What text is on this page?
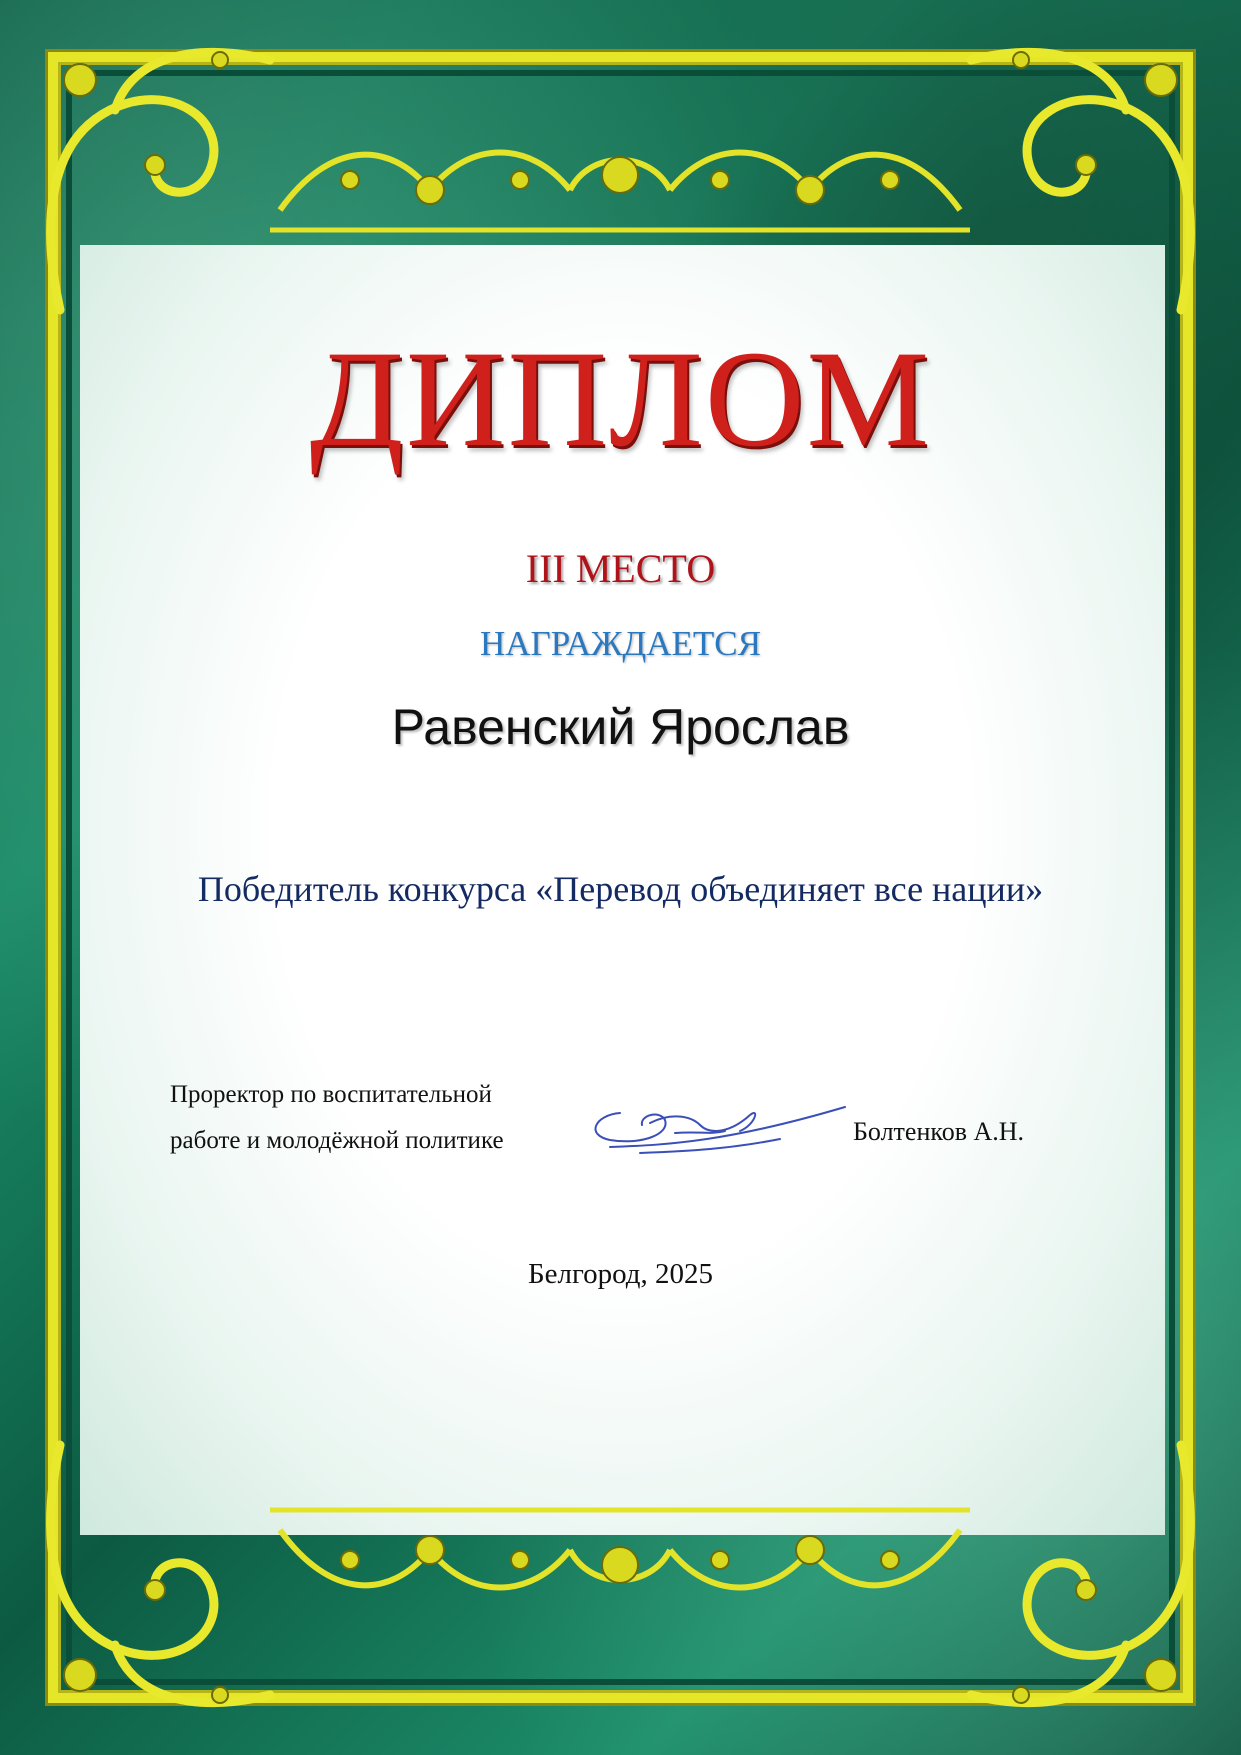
ДИПЛОМ
III МЕСТО
НАГРАЖДАЕТСЯ
Равенский Ярослав
Победитель конкурса «Перевод объединяет все нации»
Проректор по воспитательной
работе и молодёжной политике	Болтенков А.Н.
Белгород, 2025
